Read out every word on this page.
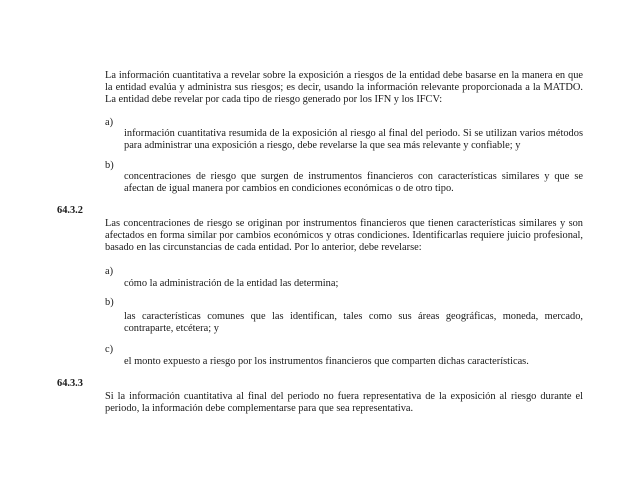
La información cuantitativa a revelar sobre la exposición a riesgos de la entidad debe basarse en la manera en que la entidad evalúa y administra sus riesgos; es decir, usando la información relevante proporcionada a la MATDO. La entidad debe revelar por cada tipo de riesgo generado por los IFN y los IFCV:

a)

información cuantitativa resumida de la exposición al riesgo al final del periodo. Si se utilizan varios métodos para administrar una exposición a riesgo, debe revelarse la que sea más relevante y confiable; y

b)

concentraciones de riesgo que surgen de instrumentos financieros con características similares y que se afectan de igual manera por cambios en condiciones económicas o de otro tipo.

64.3.2

Las concentraciones de riesgo se originan por instrumentos financieros que tienen características similares y son afectados en forma similar por cambios económicos y otras condiciones. Identificarlas requiere juicio profesional, basado en las circunstancias de cada entidad. Por lo anterior, debe revelarse:

a)

cómo la administración de la entidad las determina;

b)

las características comunes que las identifican, tales como sus áreas geográficas, moneda, mercado, contraparte, etcétera; y

c)

el monto expuesto a riesgo por los instrumentos financieros que comparten dichas características.

64.3.3

Si la información cuantitativa al final del periodo no fuera representativa de la exposición al riesgo durante el periodo, la información debe complementarse para que sea representativa.
